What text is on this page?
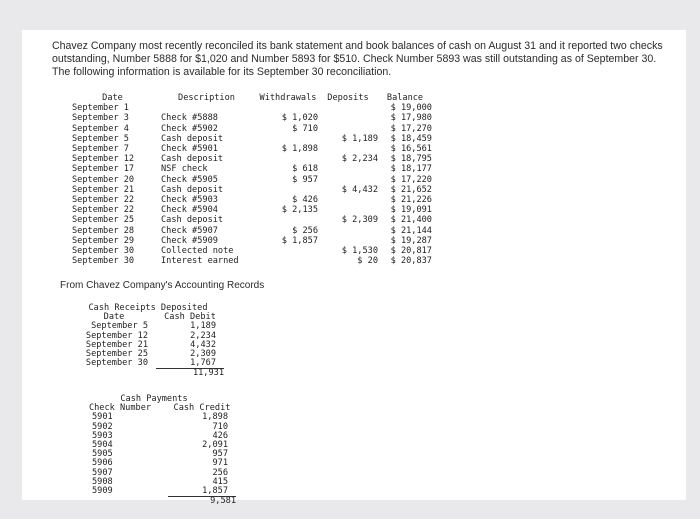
Chavez Company most recently reconciled its bank statement and book balances of cash on August 31 and it reported two checks outstanding, Number 5888 for $1,020 and Number 5893 for $510. Check Number 5893 was still outstanding as of September 30. The following information is available for its September 30 reconciliation.
Date	Description	Withdrawals	Deposits	Balance
September 1				$ 19,000
September 3	Check #5888	$ 1,020		$ 17,980
September 4	Check #5902	$ 710		$ 17,270
September 5	Cash deposit		$ 1,189	$ 18,459
September 7	Check #5901	$ 1,898		$ 16,561
September 12	Cash deposit		$ 2,234	$ 18,795
September 17	NSF check	$ 618		$ 18,177
September 20	Check #5905	$ 957		$ 17,220
September 21	Cash deposit		$ 4,432	$ 21,652
September 22	Check #5903	$ 426		$ 21,226
September 22	Check #5904	$ 2,135		$ 19,091
September 25	Cash deposit		$ 2,309	$ 21,400
September 28	Check #5907	$ 256		$ 21,144
September 29	Check #5909	$ 1,857		$ 19,287
September 30	Collected note		$ 1,530	$ 20,817
September 30	Interest earned		$ 20	$ 20,837
From Chavez Company's Accounting Records
Cash Receipts Deposited	
Date	Cash Debit
September 5	1,189
September 12	2,234
September 21	4,432
September 25	2,309
September 30	1,767
	11,931
Cash Payments	
Check Number	Cash Credit
5901	1,898
5902	710
5903	426
5904	2,091
5905	957
5906	971
5907	256
5908	415
5909	1,857
	9,581
